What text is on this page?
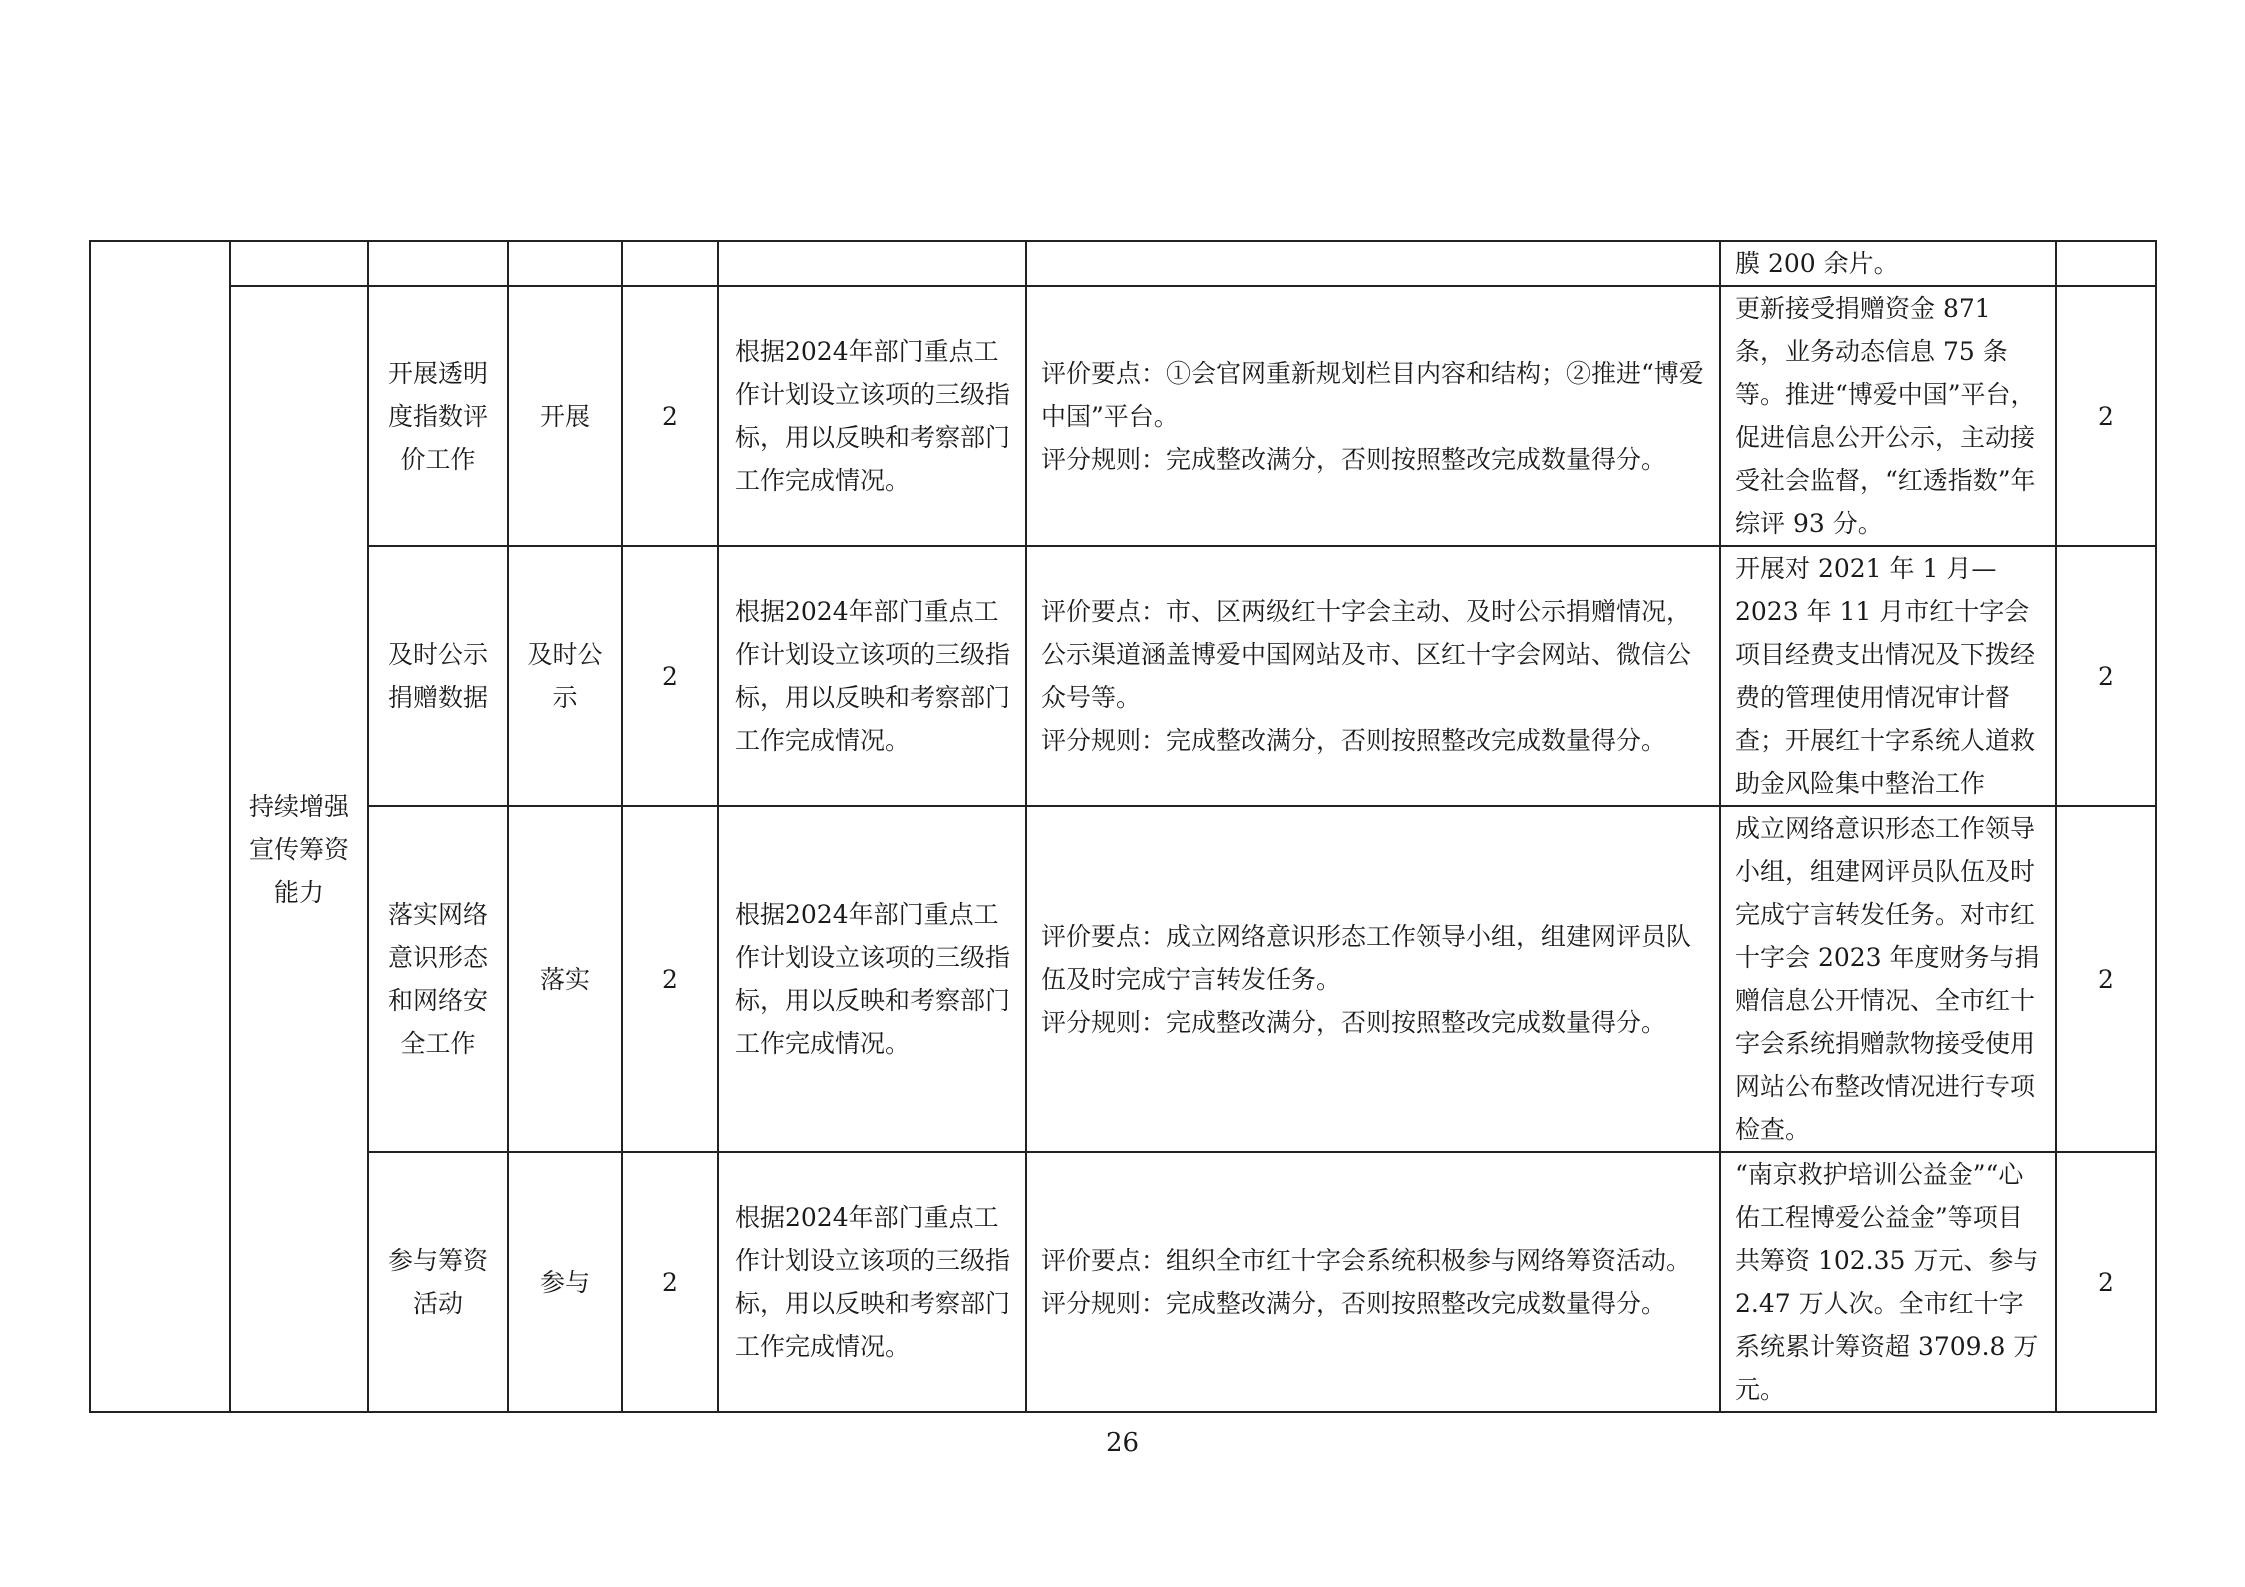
							膜 200 余片。	
	持续增强宣传筹资能力	开展透明度指数评价工作	开展	2	根据2024年部门重点工作计划设立该项的三级指标，用以反映和考察部门工作完成情况。	评价要点：①会官网重新规划栏目内容和结构；②推进“博爱中国”平台。
评分规则：完成整改满分，否则按照整改完成数量得分。	更新接受捐赠资金 871 条，业务动态信息 75 条等。推进“博爱中国”平台，促进信息公开公示，主动接受社会监督，“红透指数”年综评 93 分。	2
		及时公示捐赠数据	及时公示	2	根据2024年部门重点工作计划设立该项的三级指标，用以反映和考察部门工作完成情况。	评价要点：市、区两级红十字会主动、及时公示捐赠情况，公示渠道涵盖博爱中国网站及市、区红十字会网站、微信公众号等。
评分规则：完成整改满分，否则按照整改完成数量得分。	开展对 2021 年 1 月—2023 年 11 月市红十字会项目经费支出情况及下拨经费的管理使用情况审计督查；开展红十字系统人道救助金风险集中整治工作	2
		落实网络意识形态和网络安全工作	落实	2	根据2024年部门重点工作计划设立该项的三级指标，用以反映和考察部门工作完成情况。	评价要点：成立网络意识形态工作领导小组，组建网评员队伍及时完成宁言转发任务。
评分规则：完成整改满分，否则按照整改完成数量得分。	成立网络意识形态工作领导小组，组建网评员队伍及时完成宁言转发任务。对市红十字会 2023 年度财务与捐赠信息公开情况、全市红十字会系统捐赠款物接受使用网站公布整改情况进行专项检查。	2
		参与筹资活动	参与	2	根据2024年部门重点工作计划设立该项的三级指标，用以反映和考察部门工作完成情况。	评价要点：组织全市红十字会系统积极参与网络筹资活动。
评分规则：完成整改满分，否则按照整改完成数量得分。	“南京救护培训公益金”“心佑工程博爱公益金”等项目共筹资 102.35 万元、参与 2.47 万人次。全市红十字系统累计筹资超 3709.8 万元。	2
26
